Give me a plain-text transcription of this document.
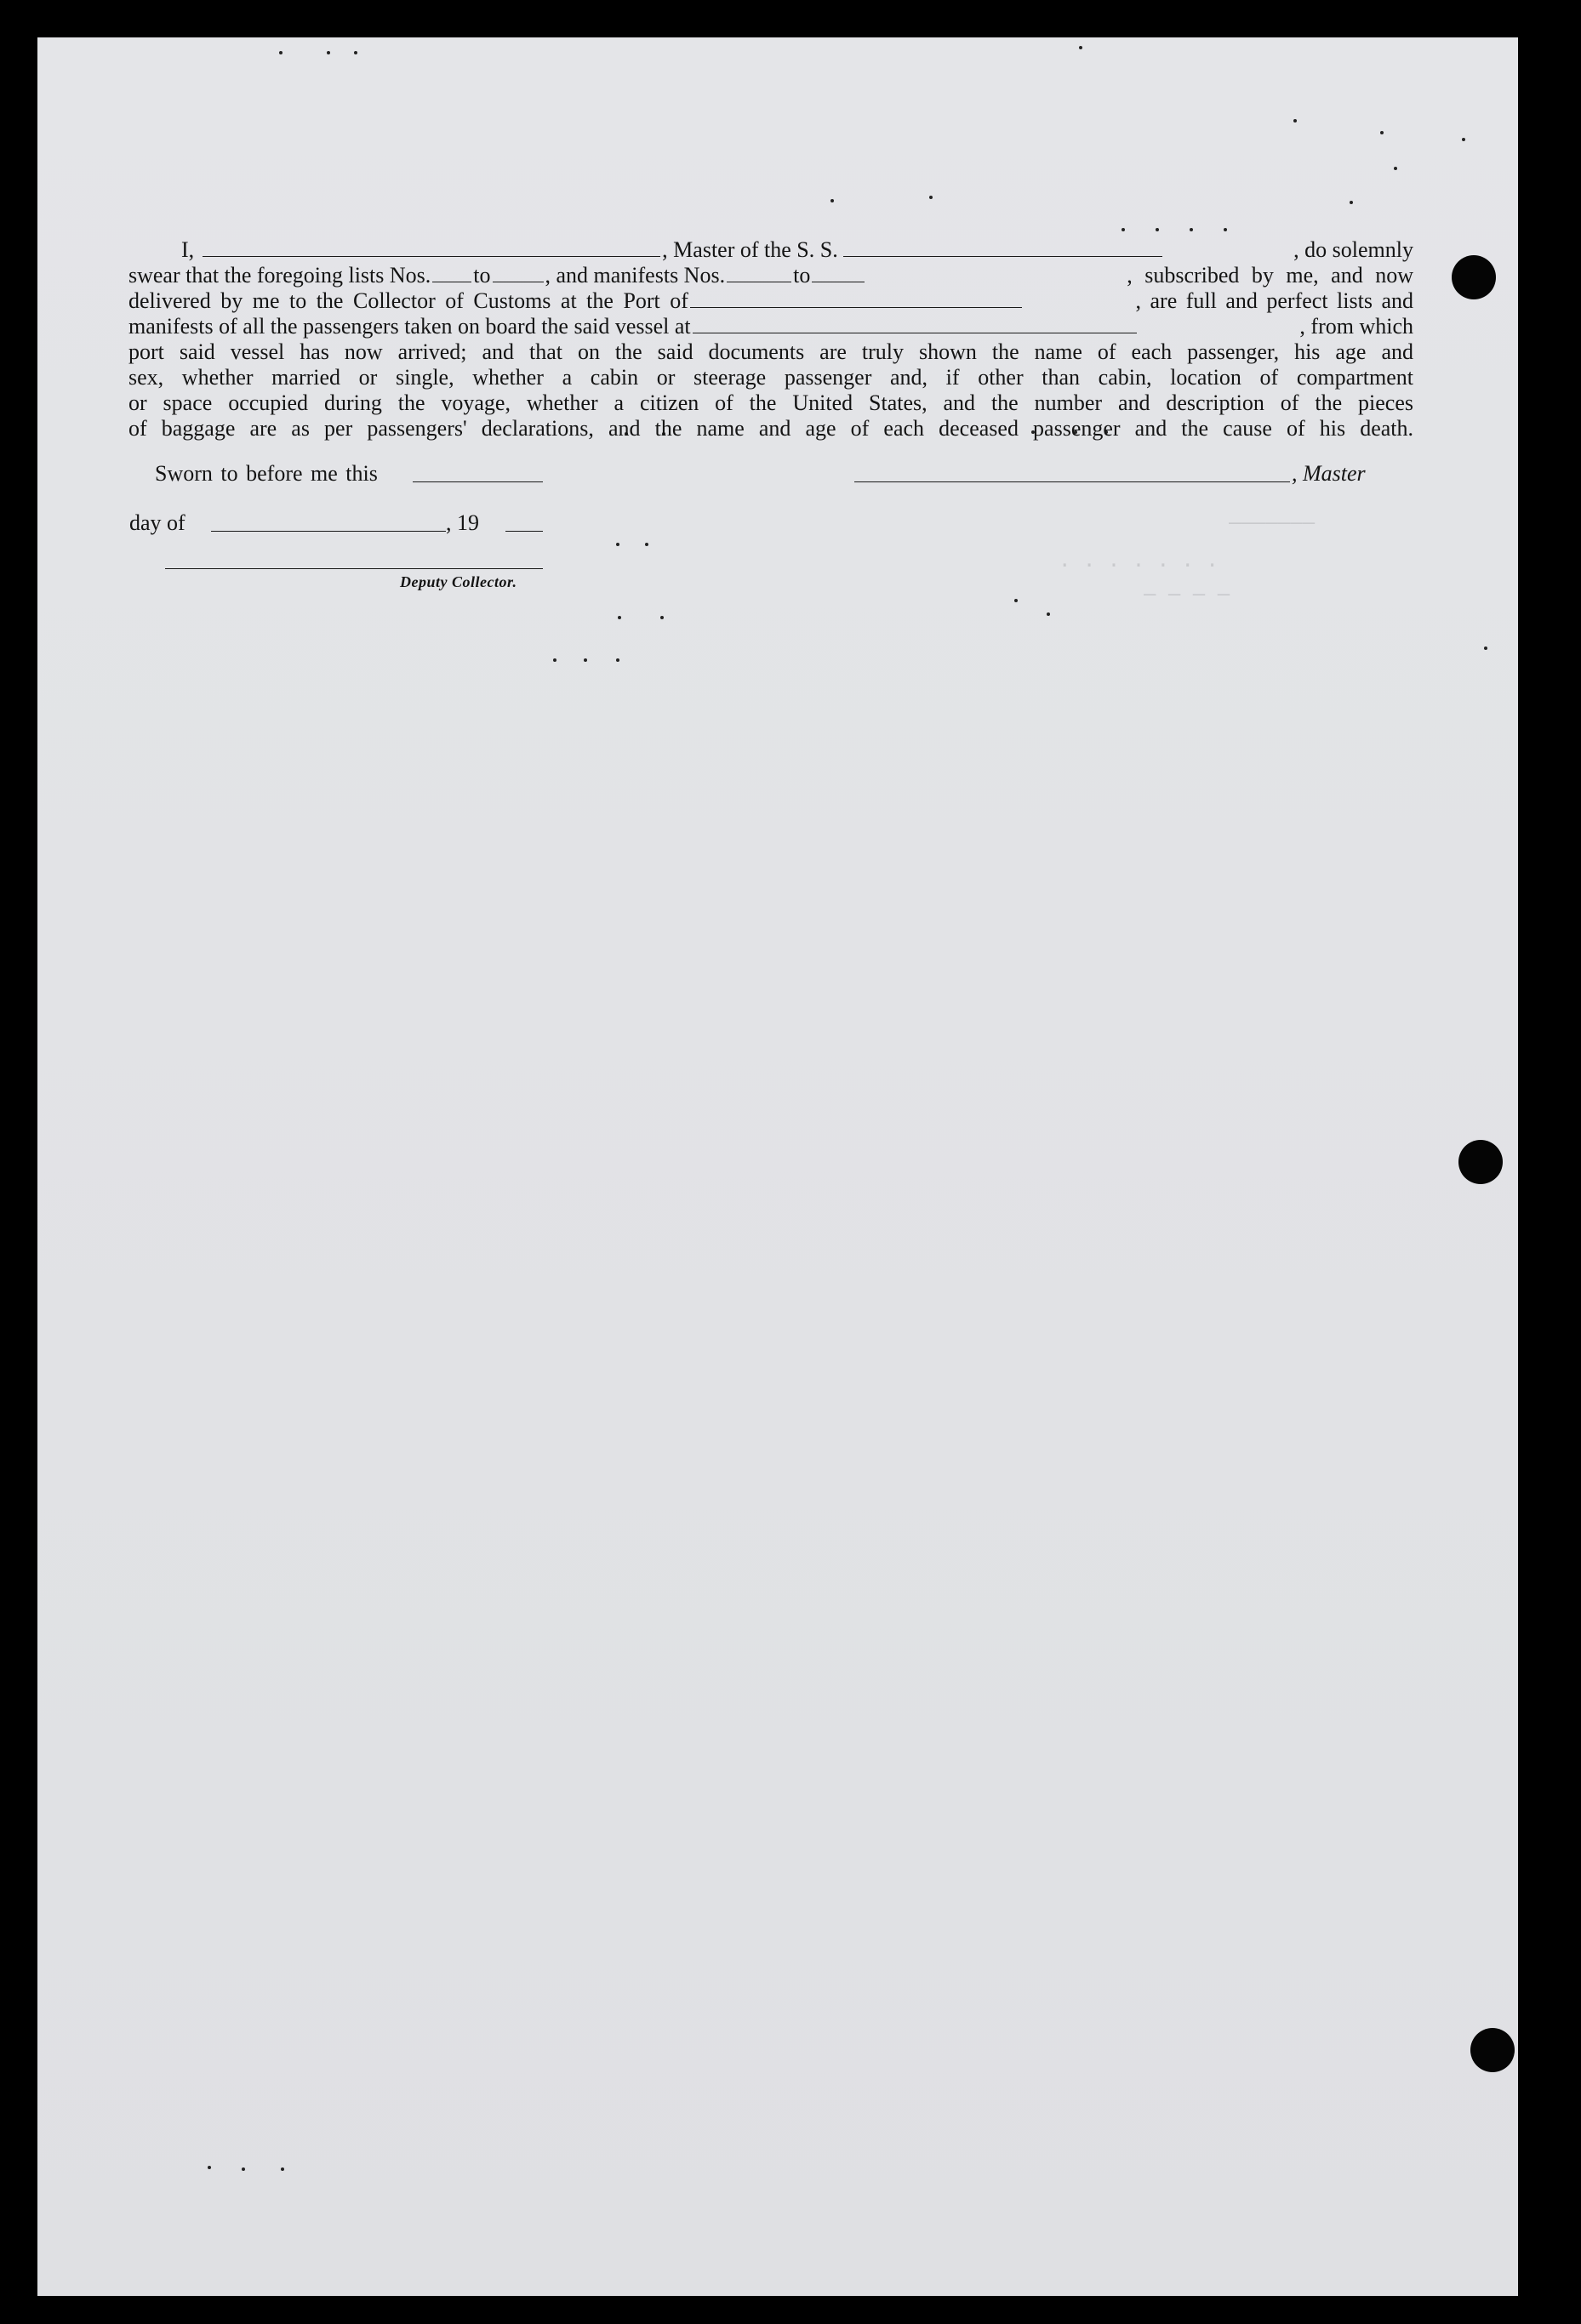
———————
. . . . . . .
— — — —
I,	, Master of the S. S.	, do solemnly
swear that the foregoing lists Nos. to , and manifests Nos.	to	, subscribed by me, and now
delivered by me to the Collector of Customs at the Port of	, are full and perfect lists and
manifests of all the passengers taken on board the said vessel at	, from which
port said vessel has now arrived; and that on the said documents are truly shown the name of each passenger, his age and
sex, whether married or single, whether a cabin or steerage passenger and, if other than cabin, location of compartment
or space occupied during the voyage, whether a citizen of the United States, and the number and description of the pieces
of baggage are as per passengers' declarations, and the name and age of each deceased passenger and the cause of his death.
Sworn to before me this	, Master
day of	, 19
Deputy Collector.
